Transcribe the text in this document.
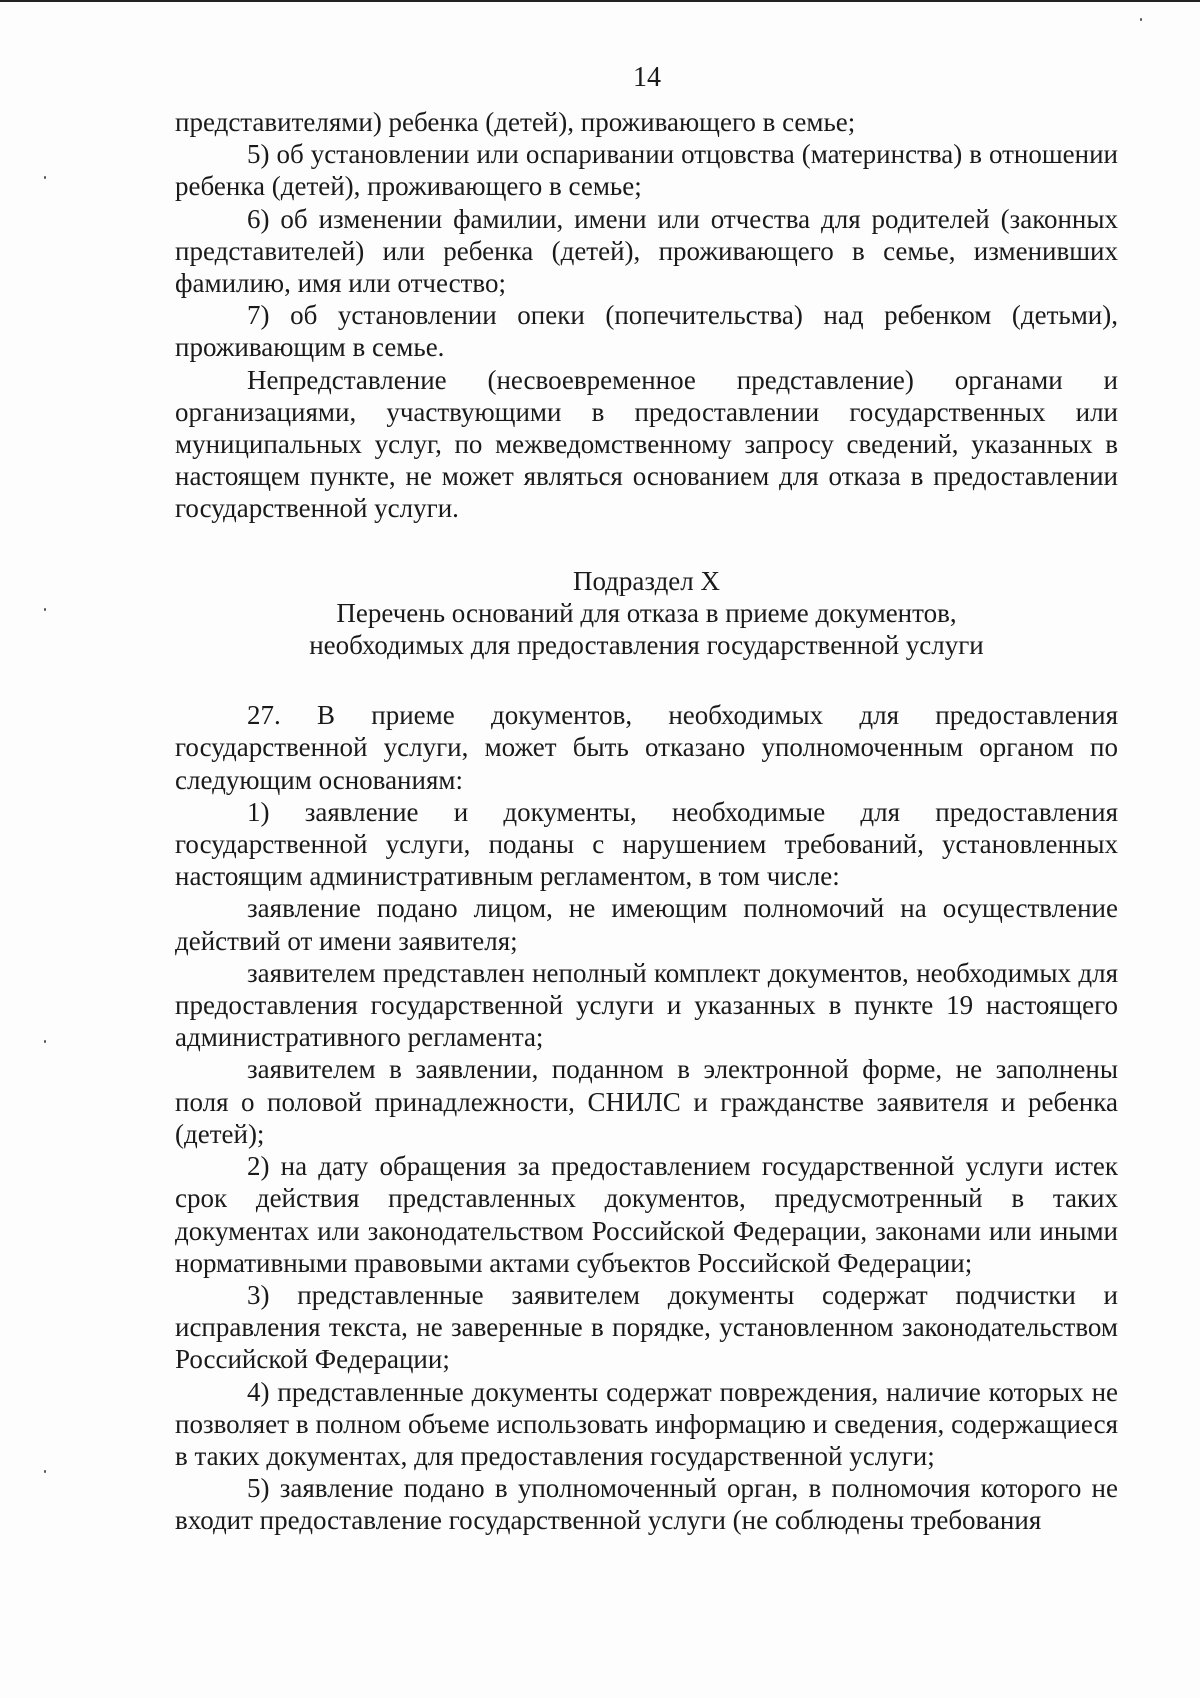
14

представителями) ребенка (детей), проживающего в семье;

5) об установлении или оспаривании отцовства (материнства) в отношении ребенка (детей), проживающего в семье;

6) об изменении фамилии, имени или отчества для родителей (законных представителей) или ребенка (детей), проживающего в семье, изменивших фамилию, имя или отчество;

7) об установлении опеки (попечительства) над ребенком (детьми), проживающим в семье.

Непредставление (несвоевременное представление) органами и организациями, участвующими в предоставлении государственных или муниципальных услуг, по межведомственному запросу сведений, указанных в настоящем пункте, не может являться основанием для отказа в предоставлении государственной услуги.

Подраздел X

Перечень оснований для отказа в приеме документов,

необходимых для предоставления государственной услуги

27. В приеме документов, необходимых для предоставления государственной услуги, может быть отказано уполномоченным органом по следующим основаниям:

1) заявление и документы, необходимые для предоставления государственной услуги, поданы с нарушением требований, установленных настоящим административным регламентом, в том числе:

заявление подано лицом, не имеющим полномочий на осуществление действий от имени заявителя;

заявителем представлен неполный комплект документов, необходимых для предоставления государственной услуги и указанных в пункте 19 настоящего административного регламента;

заявителем в заявлении, поданном в электронной форме, не заполнены поля о половой принадлежности, СНИЛС и гражданстве заявителя и ребенка (детей);

2) на дату обращения за предоставлением государственной услуги истек срок действия представленных документов, предусмотренный в таких документах или законодательством Российской Федерации, законами или иными нормативными правовыми актами субъектов Российской Федерации;

3) представленные заявителем документы содержат подчистки и исправления текста, не заверенные в порядке, установленном законодательством Российской Федерации;

4) представленные документы содержат повреждения, наличие которых не позволяет в полном объеме использовать информацию и сведения, содержащиеся в таких документах, для предоставления государственной услуги;

5) заявление подано в уполномоченный орган, в полномочия которого не входит предоставление государственной услуги (не соблюдены требования
